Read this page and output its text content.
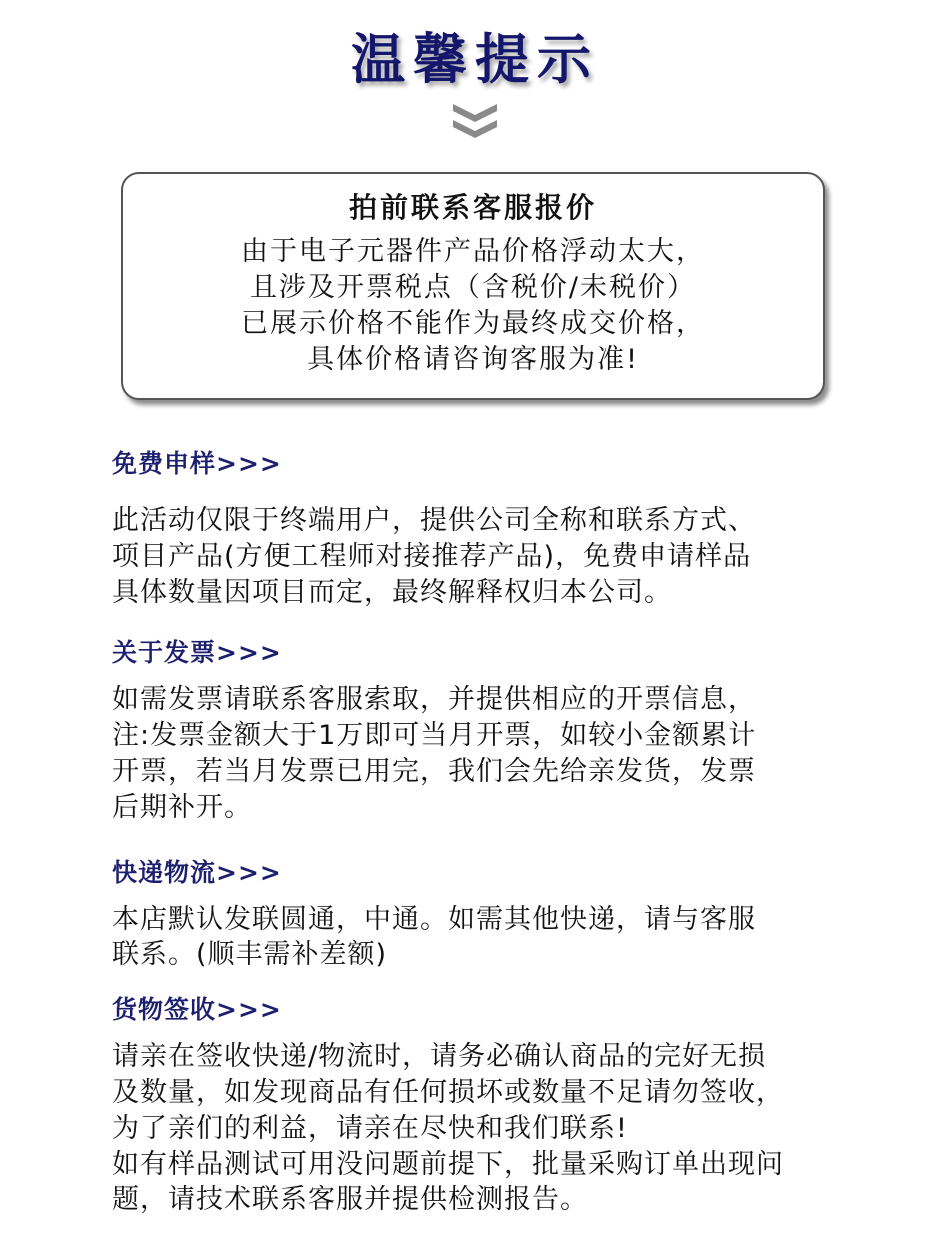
温馨提示
拍前联系客服报价
由于电子元器件产品价格浮动太大，
且涉及开票税点（含税价/未税价）
已展示价格不能作为最终成交价格，
具体价格请咨询客服为准!
免费申样>>>
此活动仅限于终端用户，提供公司全称和联系方式、
项目产品(方便工程师对接推荐产品)，免费申请样品
具体数量因项目而定，最终解释权归本公司。
关于发票>>>
如需发票请联系客服索取，并提供相应的开票信息，
注:发票金额大于1万即可当月开票，如较小金额累计
开票，若当月发票已用完，我们会先给亲发货，发票
后期补开。
快递物流>>>
本店默认发联圆通，中通。如需其他快递，请与客服
联系。(顺丰需补差额)
货物签收>>>
请亲在签收快递/物流时，请务必确认商品的完好无损
及数量，如发现商品有任何损坏或数量不足请勿签收，
为了亲们的利益，请亲在尽快和我们联系!
如有样品测试可用没问题前提下，批量采购订单出现问
题，请技术联系客服并提供检测报告。
